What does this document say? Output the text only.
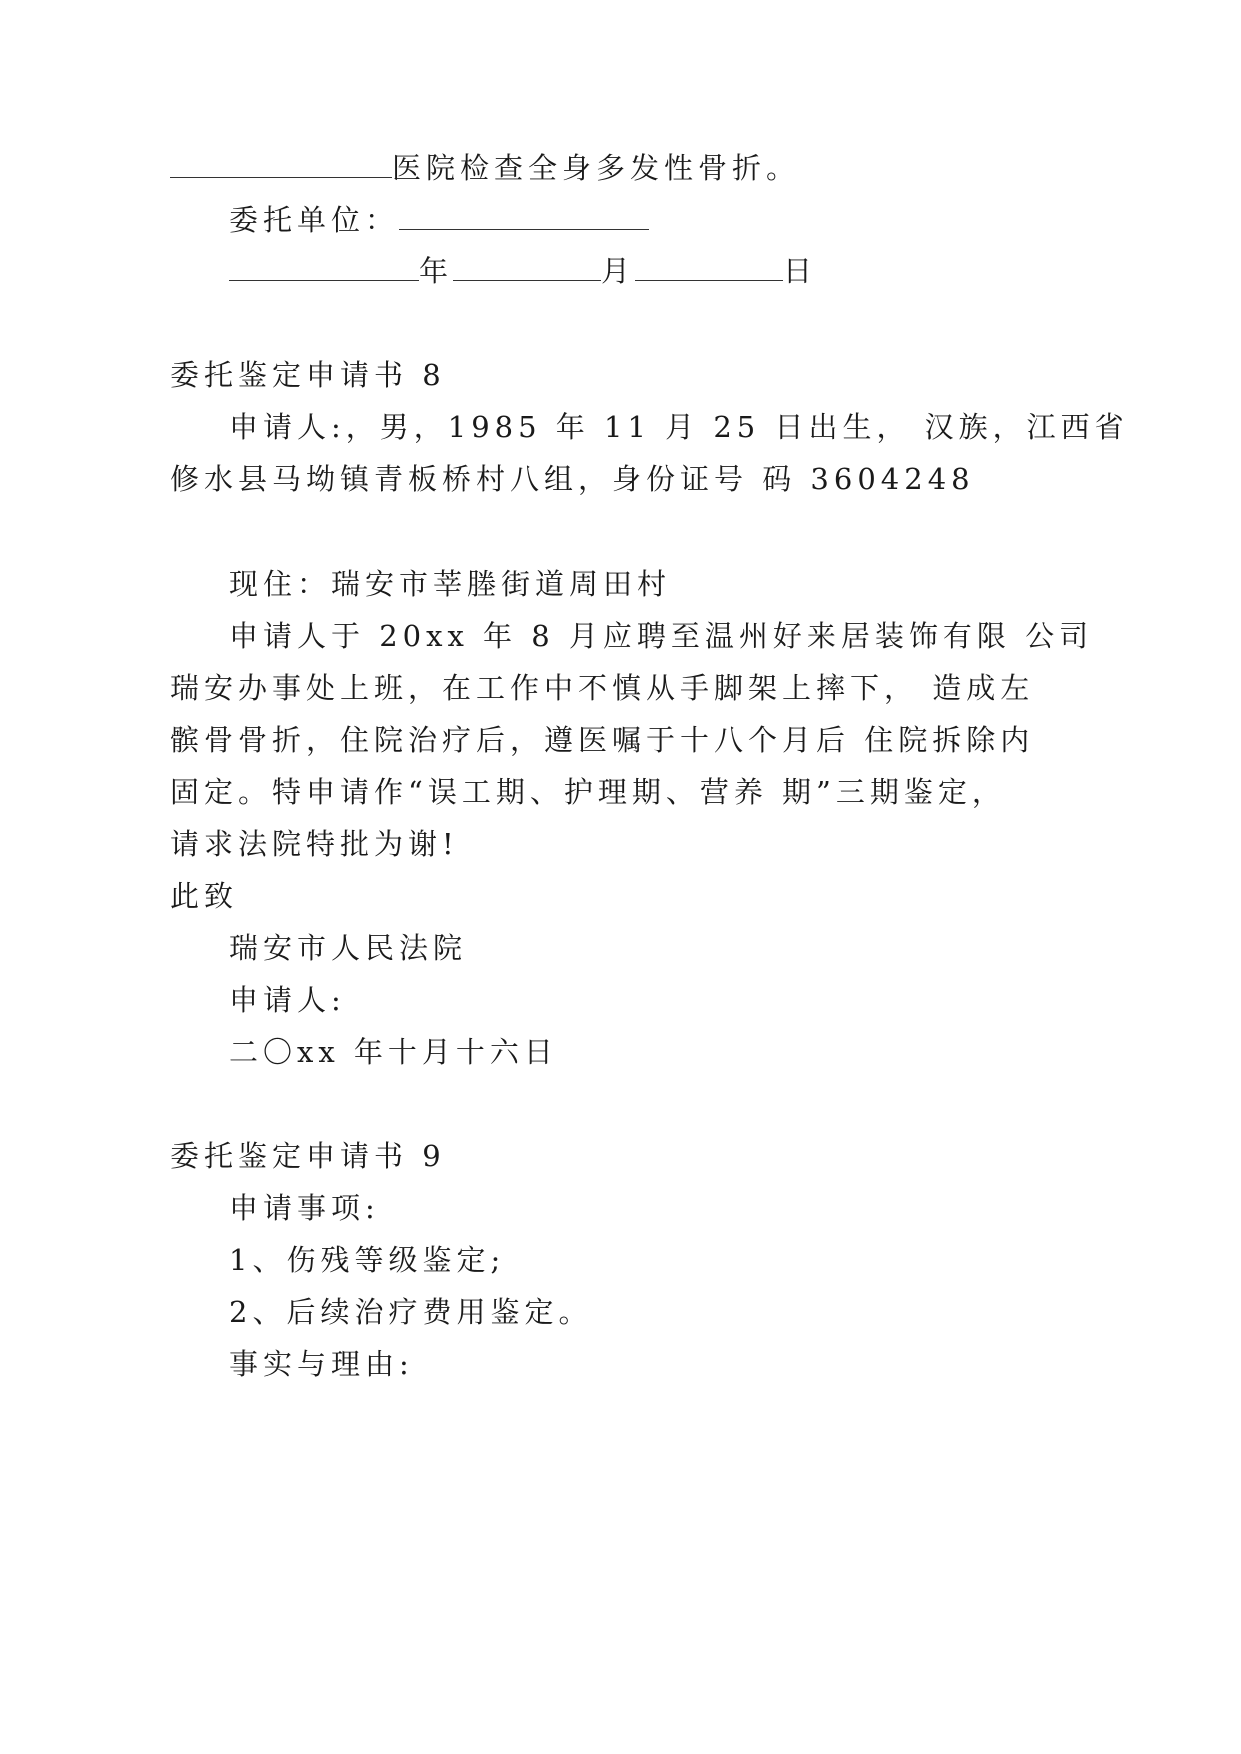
医院检查全身多发性骨折。
委托单位：
年	月	日
委托鉴定申请书 8
申请人:，男，1985 年 11 月 25 日出生， 汉族，江西省
修水县马坳镇青板桥村八组，身份证号 码 3604248
现住：瑞安市莘塍街道周田村
申请人于 20xx 年 8 月应聘至温州好来居装饰有限 公司
瑞安办事处上班，在工作中不慎从手脚架上摔下， 造成左
髌骨骨折，住院治疗后，遵医嘱于十八个月后 住院拆除内
固定。特申请作“误工期、护理期、营养 期”三期鉴定，
请求法院特批为谢!
此致
瑞安市人民法院
申请人:
二〇xx 年十月十六日
委托鉴定申请书 9
申请事项:
1、伤残等级鉴定;
2、后续治疗费用鉴定。
事实与理由:
